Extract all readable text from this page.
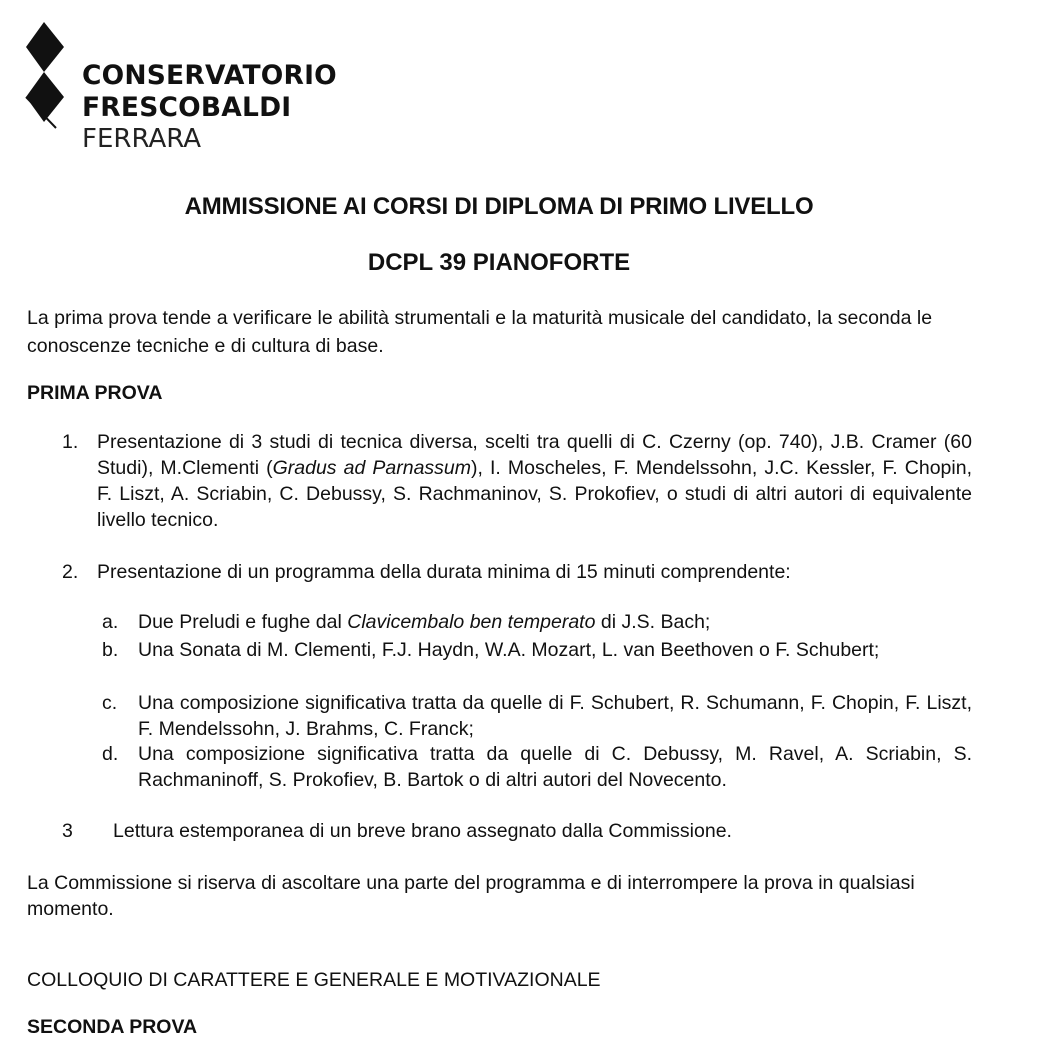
CONSERVATORIO
FRESCOBALDI
FERRARA
AMMISSIONE AI CORSI DI DIPLOMA DI PRIMO LIVELLO
DCPL 39 PIANOFORTE
La prima prova tende a verificare le abilità strumentali e la maturità musicale del candidato, la seconda le conoscenze tecniche e di cultura di base.
PRIMA PROVA
1. Presentazione di 3 studi di tecnica diversa, scelti tra quelli di C. Czerny (op. 740), J.B. Cramer (60 Studi), M.Clementi (Gradus ad Parnassum), I. Moscheles, F. Mendelssohn, J.C. Kessler, F. Chopin, F. Liszt, A. Scriabin, C. Debussy, S. Rachmaninov, S. Prokofiev, o studi di altri autori di equivalente livello tecnico.
2. Presentazione di un programma della durata minima di 15 minuti comprendente:
a. Due Preludi e fughe dal Clavicembalo ben temperato di J.S. Bach;
b. Una Sonata di M. Clementi, F.J. Haydn, W.A. Mozart, L. van Beethoven o F. Schubert;
c. Una composizione significativa tratta da quelle di F. Schubert, R. Schumann, F. Chopin, F. Liszt, F. Mendelssohn, J. Brahms, C. Franck;
d. Una composizione significativa tratta da quelle di C. Debussy, M. Ravel, A. Scriabin, S. Rachmaninoff, S. Prokofiev, B. Bartok o di altri autori del Novecento.
3 Lettura estemporanea di un breve brano assegnato dalla Commissione.
La Commissione si riserva di ascoltare una parte del programma e di interrompere la prova in qualsiasi momento.
COLLOQUIO DI CARATTERE E GENERALE E MOTIVAZIONALE
SECONDA PROVA
